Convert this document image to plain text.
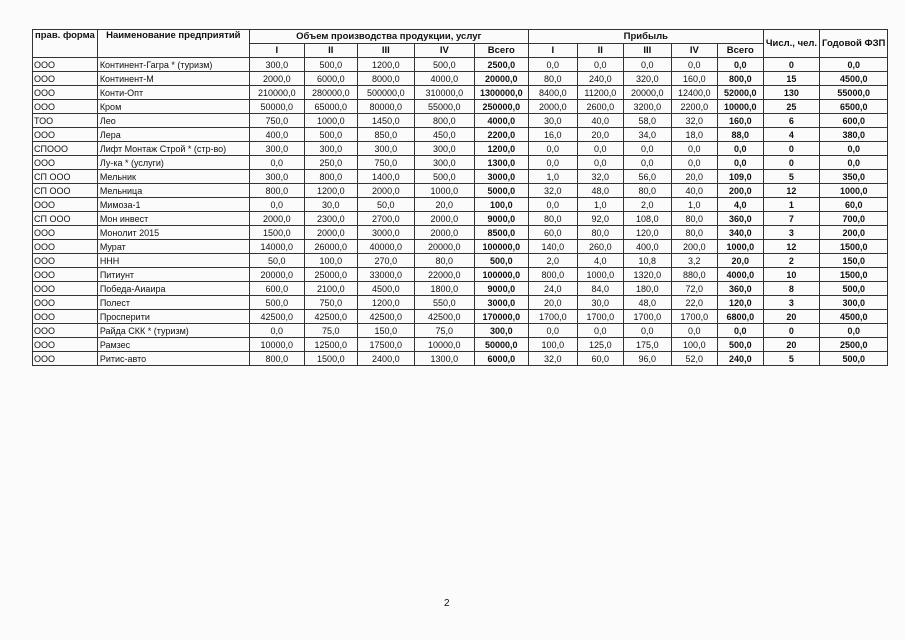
прав. форма	Наименование предприятий	Объем производства продукции, услуг					Прибыль					Числ., чел.	Годовой ФЗП
		I	II	III	IV	Всего	I	II	III	IV	Всего		
ООО	Континент-Гагра * (туризм)	300,0	500,0	1200,0	500,0	2500,0	0,0	0,0	0,0	0,0	0,0	0	0,0
ООО	Континент-М	2000,0	6000,0	8000,0	4000,0	20000,0	80,0	240,0	320,0	160,0	800,0	15	4500,0
ООО	Конти-Опт	210000,0	280000,0	500000,0	310000,0	1300000,0	8400,0	11200,0	20000,0	12400,0	52000,0	130	55000,0
ООО	Кром	50000,0	65000,0	80000,0	55000,0	250000,0	2000,0	2600,0	3200,0	2200,0	10000,0	25	6500,0
ТОО	Лео	750,0	1000,0	1450,0	800,0	4000,0	30,0	40,0	58,0	32,0	160,0	6	600,0
ООО	Лера	400,0	500,0	850,0	450,0	2200,0	16,0	20,0	34,0	18,0	88,0	4	380,0
СПООО	Лифт Монтаж Строй * (стр-во)	300,0	300,0	300,0	300,0	1200,0	0,0	0,0	0,0	0,0	0,0	0	0,0
ООО	Лу-ка * (услуги)	0,0	250,0	750,0	300,0	1300,0	0,0	0,0	0,0	0,0	0,0	0	0,0
СП ООО	Мельник	300,0	800,0	1400,0	500,0	3000,0	1,0	32,0	56,0	20,0	109,0	5	350,0
СП ООО	Мельница	800,0	1200,0	2000,0	1000,0	5000,0	32,0	48,0	80,0	40,0	200,0	12	1000,0
ООО	Мимоза-1	0,0	30,0	50,0	20,0	100,0	0,0	1,0	2,0	1,0	4,0	1	60,0
СП ООО	Мон инвест	2000,0	2300,0	2700,0	2000,0	9000,0	80,0	92,0	108,0	80,0	360,0	7	700,0
ООО	Монолит 2015	1500,0	2000,0	3000,0	2000,0	8500,0	60,0	80,0	120,0	80,0	340,0	3	200,0
ООО	Мурат	14000,0	26000,0	40000,0	20000,0	100000,0	140,0	260,0	400,0	200,0	1000,0	12	1500,0
ООО	ННН	50,0	100,0	270,0	80,0	500,0	2,0	4,0	10,8	3,2	20,0	2	150,0
ООО	Питиунт	20000,0	25000,0	33000,0	22000,0	100000,0	800,0	1000,0	1320,0	880,0	4000,0	10	1500,0
ООО	Победа-Аиаира	600,0	2100,0	4500,0	1800,0	9000,0	24,0	84,0	180,0	72,0	360,0	8	500,0
ООО	Полест	500,0	750,0	1200,0	550,0	3000,0	20,0	30,0	48,0	22,0	120,0	3	300,0
ООО	Просперити	42500,0	42500,0	42500,0	42500,0	170000,0	1700,0	1700,0	1700,0	1700,0	6800,0	20	4500,0
ООО	Райда СКК * (туризм)	0,0	75,0	150,0	75,0	300,0	0,0	0,0	0,0	0,0	0,0	0	0,0
ООО	Рамзес	10000,0	12500,0	17500,0	10000,0	50000,0	100,0	125,0	175,0	100,0	500,0	20	2500,0
ООО	Ритис-авто	800,0	1500,0	2400,0	1300,0	6000,0	32,0	60,0	96,0	52,0	240,0	5	500,0
2
